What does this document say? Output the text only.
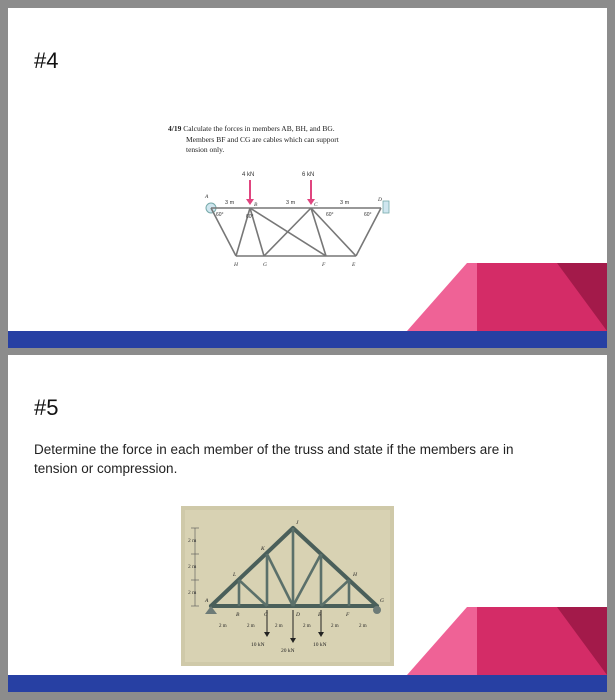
#4
4/19 Calculate the forces in members AB, BH, and BG.
Members BF and CG are cables which can support
tension only.
4 kN	6 kN
A
B	C
D
H	G	F	E
3 m	3 m	3 m
60°	60°	60°	60°
#5
Determine the force in each member of the truss and state if the members are in
tension or compression.
2 m
2 m
2 m
J
K
L	H
A
B	C	D	E	F
G
2 m	2 m	2 m	2 m	2 m	2 m
10 kN
20 kN
10 kN
